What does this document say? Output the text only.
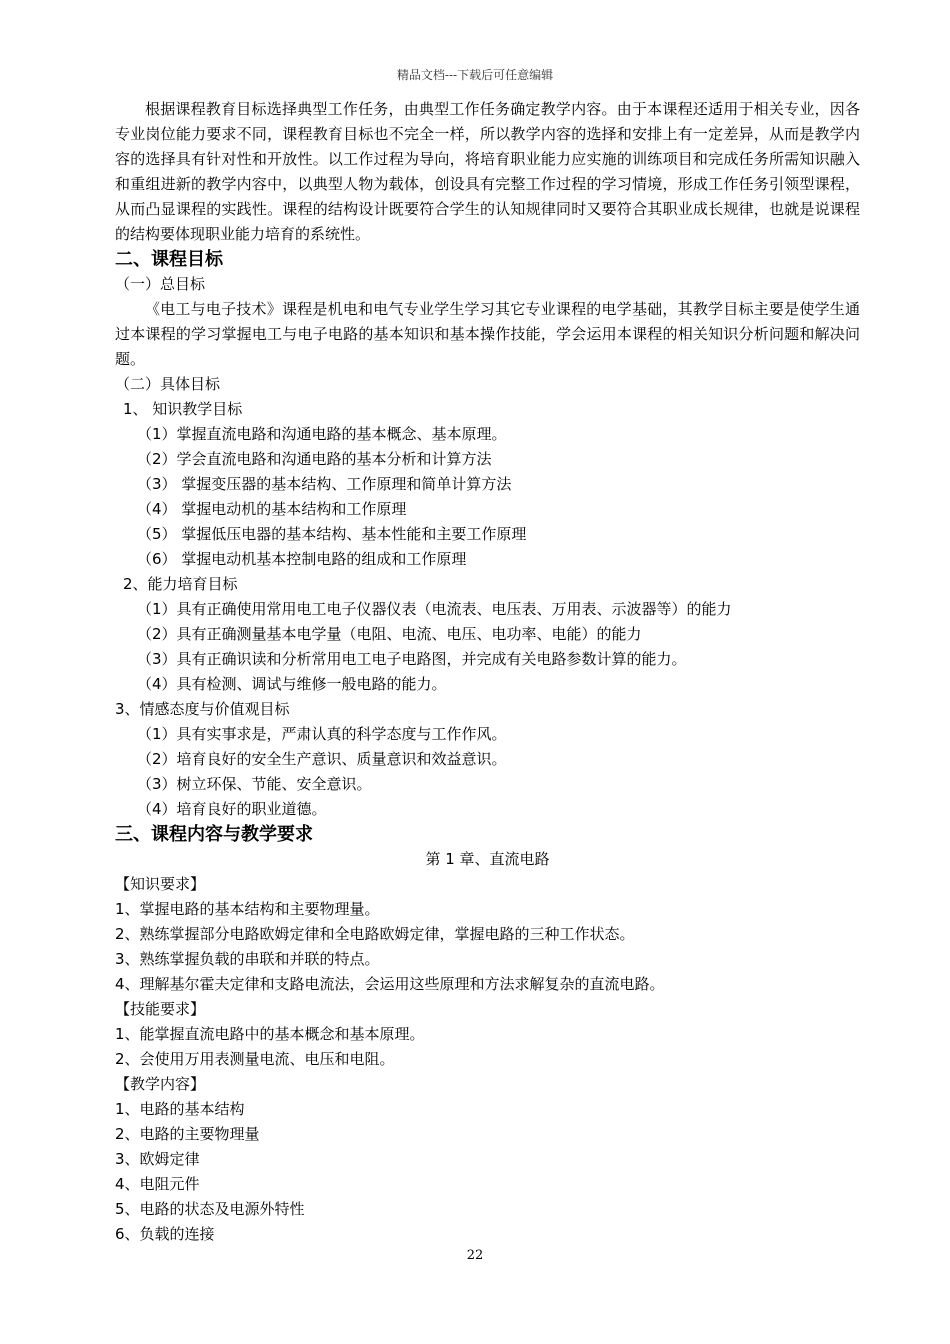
精品文档---下载后可任意编辑

根据课程教育目标选择典型工作任务，由典型工作任务确定教学内容。由于本课程还适用于相关专业，因各专业岗位能力要求不同，课程教育目标也不完全一样，所以教学内容的选择和安排上有一定差异，从而是教学内容的选择具有针对性和开放性。以工作过程为导向，将培育职业能力应实施的训练项目和完成任务所需知识融入和重组进新的教学内容中，以典型人物为载体，创设具有完整工作过程的学习情境，形成工作任务引领型课程，从而凸显课程的实践性。课程的结构设计既要符合学生的认知规律同时又要符合其职业成长规律，也就是说课程的结构要体现职业能力培育的系统性。

二、课程目标
（一）总目标

《电工与电子技术》课程是机电和电气专业学生学习其它专业课程的电学基础，其教学目标主要是使学生通过本课程的学习掌握电工与电子电路的基本知识和基本操作技能，学会运用本课程的相关知识分析问题和解决问题。

（二）具体目标
1、 知识教学目标
（1）掌握直流电路和沟通电路的基本概念、基本原理。
（2）学会直流电路和沟通电路的基本分析和计算方法
（3） 掌握变压器的基本结构、工作原理和简单计算方法
（4） 掌握电动机的基本结构和工作原理
（5） 掌握低压电器的基本结构、基本性能和主要工作原理
（6） 掌握电动机基本控制电路的组成和工作原理
2、能力培育目标
（1）具有正确使用常用电工电子仪器仪表（电流表、电压表、万用表、示波器等）的能力
（2）具有正确测量基本电学量（电阻、电流、电压、电功率、电能）的能力
（3）具有正确识读和分析常用电工电子电路图，并完成有关电路参数计算的能力。
（4）具有检测、调试与维修一般电路的能力。
3、情感态度与价值观目标
（1）具有实事求是，严肃认真的科学态度与工作作风。
（2）培育良好的安全生产意识、质量意识和效益意识。
（3）树立环保、节能、安全意识。
（4）培育良好的职业道德。
三、课程内容与教学要求
第 1 章、直流电路
【知识要求】
1、掌握电路的基本结构和主要物理量。
2、熟练掌握部分电路欧姆定律和全电路欧姆定律，掌握电路的三种工作状态。
3、熟练掌握负载的串联和并联的特点。
4、理解基尔霍夫定律和支路电流法，会运用这些原理和方法求解复杂的直流电路。
【技能要求】
1、能掌握直流电路中的基本概念和基本原理。
2、会使用万用表测量电流、电压和电阻。
【教学内容】
1、电路的基本结构
2、电路的主要物理量
3、欧姆定律
4、电阻元件
5、电路的状态及电源外特性
6、负载的连接
22
